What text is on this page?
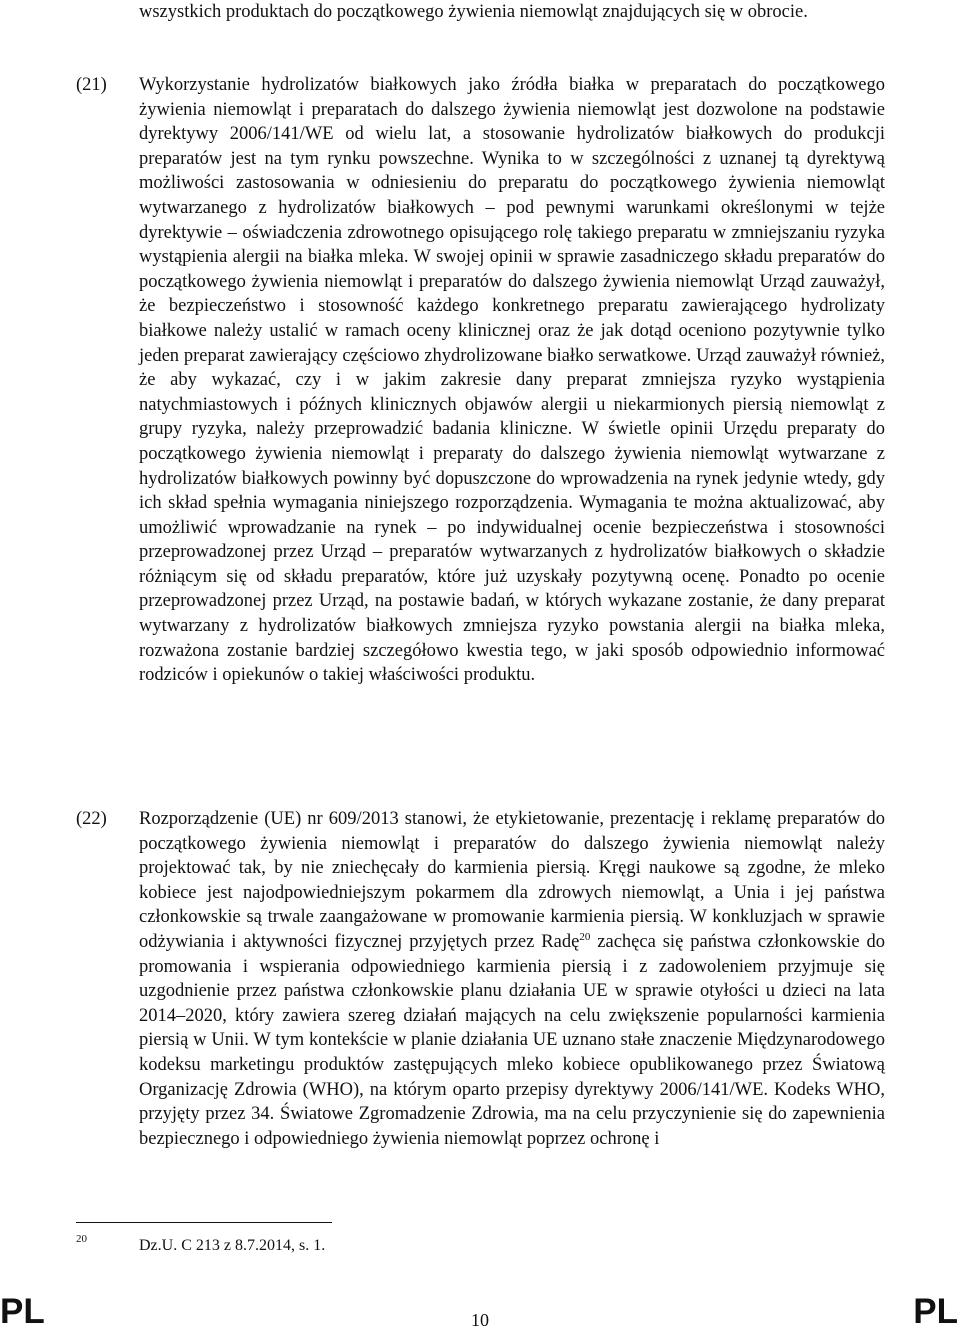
wszystkich produktach do początkowego żywienia niemowląt znajdujących się w obrocie.
(21) Wykorzystanie hydrolizatów białkowych jako źródła białka w preparatach do początkowego żywienia niemowląt i preparatach do dalszego żywienia niemowląt jest dozwolone na podstawie dyrektywy 2006/141/WE od wielu lat, a stosowanie hydrolizatów białkowych do produkcji preparatów jest na tym rynku powszechne. Wynika to w szczególności z uznanej tą dyrektywą możliwości zastosowania w odniesieniu do preparatu do początkowego żywienia niemowląt wytwarzanego z hydrolizatów białkowych – pod pewnymi warunkami określonymi w tejże dyrektywie – oświadczenia zdrowotnego opisującego rolę takiego preparatu w zmniejszaniu ryzyka wystąpienia alergii na białka mleka. W swojej opinii w sprawie zasadniczego składu preparatów do początkowego żywienia niemowląt i preparatów do dalszego żywienia niemowląt Urząd zauważył, że bezpieczeństwo i stosowność każdego konkretnego preparatu zawierającego hydrolizaty białkowe należy ustalić w ramach oceny klinicznej oraz że jak dotąd oceniono pozytywnie tylko jeden preparat zawierający częściowo zhydrolizowane białko serwatkowe. Urząd zauważył również, że aby wykazać, czy i w jakim zakresie dany preparat zmniejsza ryzyko wystąpienia natychmiastowych i późnych klinicznych objawów alergii u niekarmionych piersią niemowląt z grupy ryzyka, należy przeprowadzić badania kliniczne. W świetle opinii Urzędu preparaty do początkowego żywienia niemowląt i preparaty do dalszego żywienia niemowląt wytwarzane z hydrolizatów białkowych powinny być dopuszczone do wprowadzenia na rynek jedynie wtedy, gdy ich skład spełnia wymagania niniejszego rozporządzenia. Wymagania te można aktualizować, aby umożliwić wprowadzanie na rynek – po indywidualnej ocenie bezpieczeństwa i stosowności przeprowadzonej przez Urząd – preparatów wytwarzanych z hydrolizatów białkowych o składzie różniącym się od składu preparatów, które już uzyskały pozytywną ocenę. Ponadto po ocenie przeprowadzonej przez Urząd, na postawie badań, w których wykazane zostanie, że dany preparat wytwarzany z hydrolizatów białkowych zmniejsza ryzyko powstania alergii na białka mleka, rozważona zostanie bardziej szczegółowo kwestia tego, w jaki sposób odpowiednio informować rodziców i opiekunów o takiej właściwości produktu.
(22) Rozporządzenie (UE) nr 609/2013 stanowi, że etykietowanie, prezentację i reklamę preparatów do początkowego żywienia niemowląt i preparatów do dalszego żywienia niemowląt należy projektować tak, by nie zniechęcały do karmienia piersią. Kręgi naukowe są zgodne, że mleko kobiece jest najodpowiedniejszym pokarmem dla zdrowych niemowląt, a Unia i jej państwa członkowskie są trwale zaangażowane w promowanie karmienia piersią. W konkluzjach w sprawie odżywiania i aktywności fizycznej przyjętych przez Radę$^{20}$ zachęca się państwa członkowskie do promowania i wspierania odpowiedniego karmienia piersią i z zadowoleniem przyjmuje się uzgodnienie przez państwa członkowskie planu działania UE w sprawie otyłości u dzieci na lata 2014–2020, który zawiera szereg działań mających na celu zwiększenie popularności karmienia piersią w Unii. W tym kontekście w planie działania UE uznano stałe znaczenie Międzynarodowego kodeksu marketingu produktów zastępujących mleko kobiece opublikowanego przez Światową Organizację Zdrowia (WHO), na którym oparto przepisy dyrektywy 2006/141/WE. Kodeks WHO, przyjęty przez 34. Światowe Zgromadzenie Zdrowia, ma na celu przyczynienie się do zapewnienia bezpiecznego i odpowiedniego żywienia niemowląt poprzez ochronę i
20	Dz.U. C 213 z 8.7.2014, s. 1.
PL	10	PL
